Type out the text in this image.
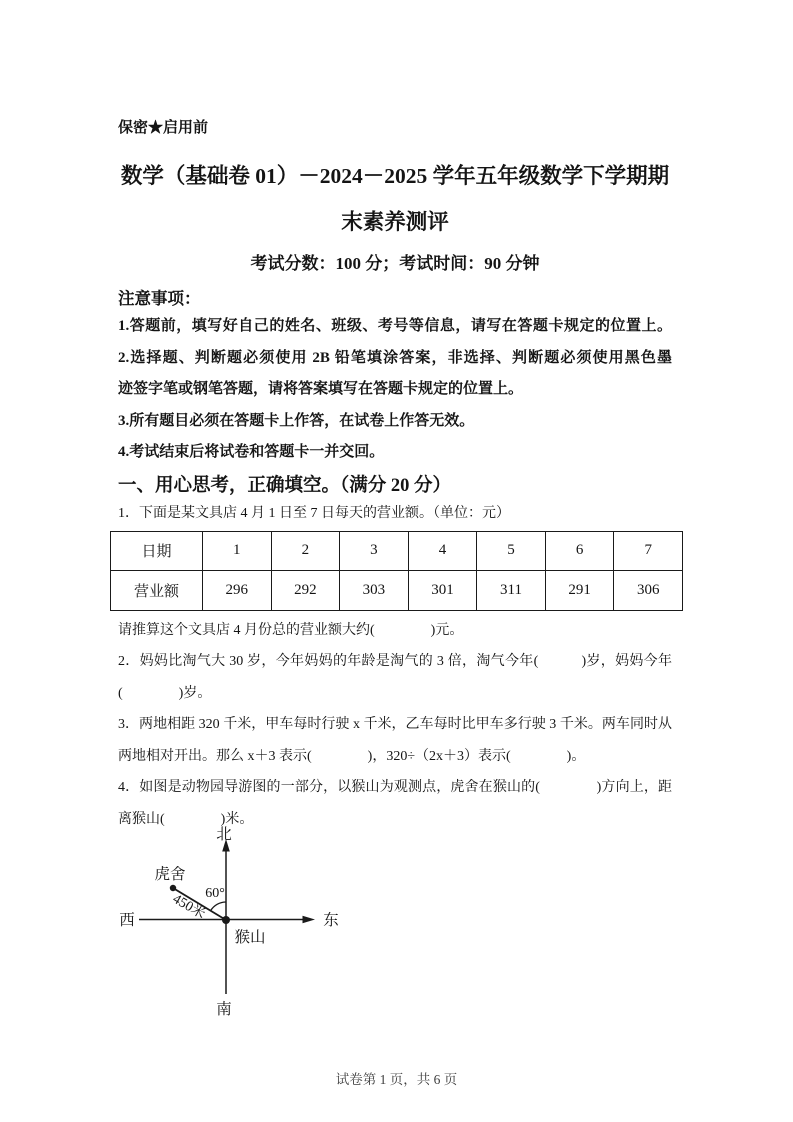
保密★启用前
数学（基础卷 01）－2024－2025 学年五年级数学下学期期
末素养测评
考试分数：100 分；考试时间：90 分钟
注意事项：
1.答题前，填写好自己的姓名、班级、考号等信息，请写在答题卡规定的位置上。
2.选择题、判断题必须使用 2B 铅笔填涂答案，非选择、判断题必须使用黑色墨
迹签字笔或钢笔答题，请将答案填写在答题卡规定的位置上。
3.所有题目必须在答题卡上作答，在试卷上作答无效。
4.考试结束后将试卷和答题卡一并交回。
一、用心思考，正确填空。（满分 20 分）
1．下面是某文具店 4 月 1 日至 7 日每天的营业额。（单位：元）
日期	1	2	3	4	5	6	7
营业额	296	292	303	301	311	291	306
请推算这个文具店 4 月份总的营业额大约(　　　　)元。
2．妈妈比淘气大 30 岁，今年妈妈的年龄是淘气的 3 倍，淘气今年(　　　)岁，妈妈今年
(　　　　)岁。
3．两地相距 320 千米，甲车每时行驶 x 千米，乙车每时比甲车多行驶 3 千米。两车同时从
两地相对开出。那么 x＋3 表示(　　　　)，320÷（2x＋3）表示(　　　　)。
4．如图是动物园导游图的一部分，以猴山为观测点，虎舍在猴山的(　　　　)方向上，距
离猴山(　　　　)米。
北
南
西	东
虎舍
60°
450米
猴山
试卷第 1 页，共 6 页
